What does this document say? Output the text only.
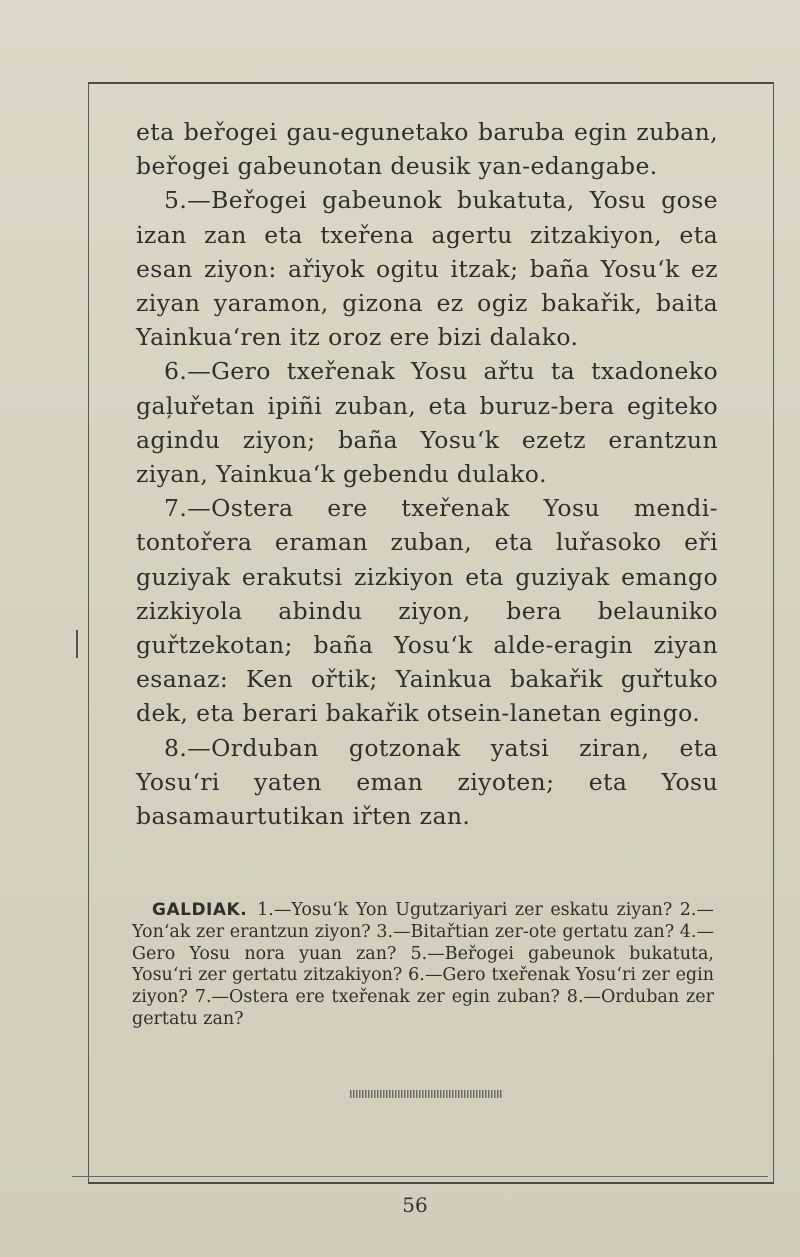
eta beřogei gau-egunetako baruba egin zuban, beřogei gabeunotan deusik yan-edangabe.

5.—Beřogei gabeunok bukatuta, Yosu gose izan zan eta txeřena agertu zitzakiyon, eta esan ziyon: ařiyok ogitu itzak; baña Yosu‘k ez ziyan yaramon, gizona ez ogiz bakařik, baita Yainkua‘ren itz oroz ere bizi dalako.

6.—Gero txeřenak Yosu ařtu ta txadoneko gaļuřetan ipiñi zuban, eta buruz-bera egiteko agindu ziyon; baña Yosu‘k ezetz erantzun ziyan, Yainkua‘k gebendu dulako.

7.—Ostera ere txeřenak Yosu mendi-tontořera eraman zuban, eta luřasoko eři guziyak erakutsi zizkiyon eta guziyak emango zizkiyola abindu ziyon, bera belauniko guřtzekotan; baña Yosu‘k alde-eragin ziyan esanaz: Ken ořtik; Yainkua bakařik guřtuko dek, eta berari bakařik otsein-lanetan egingo.

8.—Orduban gotzonak yatsi ziran, eta Yosu‘ri yaten eman ziyoten; eta Yosu basamaurtutikan iřten zan.

GALDIAK. 1.—Yosu‘k Yon Ugutzariyari zer eskatu ziyan? 2.—Yon‘ak zer erantzun ziyon? 3.—Bitařtian zer-ote gertatu zan? 4.—Gero Yosu nora yuan zan? 5.—Beřogei gabeunok bukatuta, Yosu‘ri zer gertatu zitzakiyon? 6.—Gero txeřenak Yosu‘ri zer egin ziyon? 7.—Ostera ere txeřenak zer egin zuban? 8.—Orduban zer gertatu zan?
56
